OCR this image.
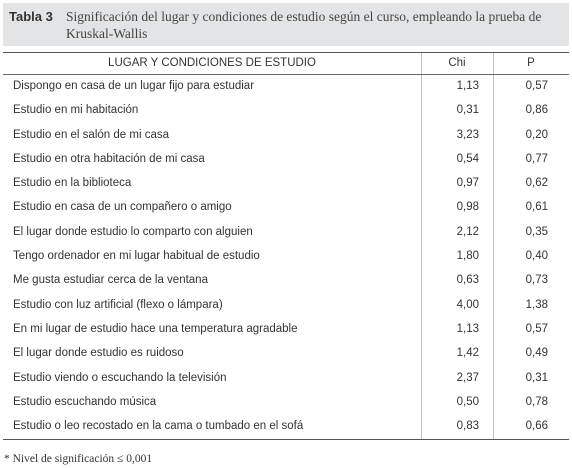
Tabla 3 Significación del lugar y condiciones de estudio según el curso, empleando la prueba de Kruskal-Wallis
LUGAR Y CONDICIONES DE ESTUDIO	Chi	P
Dispongo en casa de un lugar fijo para estudiar	1,13	0,57
Estudio en mi habitación	0,31	0,86
Estudio en el salón de mi casa	3,23	0,20
Estudio en otra habitación de mi casa	0,54	0,77
Estudio en la biblioteca	0,97	0,62
Estudio en casa de un compañero o amigo	0,98	0,61
El lugar donde estudio lo comparto con alguien	2,12	0,35
Tengo ordenador en mi lugar habitual de estudio	1,80	0,40
Me gusta estudiar cerca de la ventana	0,63	0,73
Estudio con luz artificial (flexo o lámpara)	4,00	1,38
En mi lugar de estudio hace una temperatura agradable	1,13	0,57
El lugar donde estudio es ruidoso	1,42	0,49
Estudio viendo o escuchando la televisión	2,37	0,31
Estudio escuchando música	0,50	0,78
Estudio o leo recostado en la cama o tumbado en el sofá	0,83	0,66
* Nivel de significación ≤ 0,001
